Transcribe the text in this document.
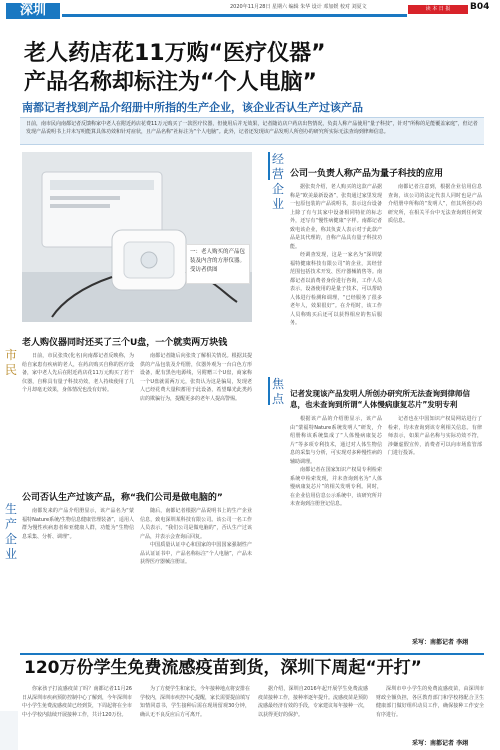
深圳	2020年11月28日 星期六 编辑 朱华 设计 邓加媛 校对 刘夏文	读 本 日 报	B04
老人药店花11万购“医疗仪器”
产品名称却标注为“个人电脑”
南都记者找到产品介绍册中所指的生产企业，该企业否认生产过该产品
日前，南市民向南都记者反馈称家中老人在附近药店花费11万元购买了一款医疗仪器，但使用后并无效果，记者随访店户药店出售情况，负责人称产品使用“量子科技”，针对“所称的足能覆盖家庭”，但记者发现产品说明书上并未写明能算具体功效和针对症状，且产品名称“社标注为“个人电脑”。此外，记者还发现该产品发明人所创办的研究所实际无法查询到律师信息。
一：老人购买的产品包装及内含的方形仪器。受访者供图
经营企业
焦点
市民
生产企业
老人购仪器同时还买了三个U盘，一个就卖两万块钱

日前，市民张贵(化名)向南都记者反映称，为给自家患有疾病的老人，在药店购买自称的医疗设备，家中老人先后在附近药店花11万元购买了若干仪器，自称具有量子科技功效，老人持续使用了几个月却毫无效果，身体情况也没有好转。

南都记者随后向张贵了解相关情况。根据其提供的产品包装及介绍册，仪器外观为一台白色方形设备，配有黑色电源线，另附赠三个U盘，商家称一个U盘就需两万元，张贵认为这是骗局，发现老人已经花费大量积蓄用于此设备，希望曝光此类药店的欺骗行为，提醒更多的老年人提高警惕。

公司否认生产过该产品，称“我们公司是做电脑的”

南都发来的产品介绍册显示，该产品名为“蒙福特Nature系统/生物信息健康管理装备”，适用人群为慢性疾病患者和亚健康人群，功能为“生物信息采集、分析、调理”。

随后，南都记者根据产品说明书上的生产企业信息，致电深圳某科技有限公司。该公司一名工作人员表示，“我们公司是做电脑的”，否认生产过该产品，并表示会查询后回复。

中国质量认证中心和国家的中国国家强制性产品认证证书中，产品名称标注“个人电脑”，产品未获得医疗器械注册证。

公司一负责人称产品为量子科技的应用

据张贵介绍，老人购买的这款产品据称是“欧美最新设备”，张贵通过家里发现一包原包装的产品说明书，表示这台设备上除了有与其家中设备相同特征的标志外，还写有“慢性病健康”字样。南都记者致电该企业，称其负责人表示对于此款产品是其代理的，自称产品具有量子科技功能。

经调查发现，这是一家名为“深圳蒙福特健康科技有限公司”的企业，其经营范围包括技术开发、医疗器械销售等。南都记者以消费者身份进行咨询，工作人员表示，设备使用的是量子技术，可以帮助人体进行检测和调理，“已经服务了很多老年人，效果很好”。在介绍时，该工作人员称购买后还可以获得相应的售后服务。

南都记者注意到，根据企业信用信息查询，该公司的法定代表人同时也是产品介绍册中所称的“发明人”，但其所创办的研究所，在相关平台中无法查询到任何资质信息。

记者发现该产品发明人所创办研究所无法查询到律师信息，也未查询到所谓“人体慢病康复芯片”发明专利

根据该产品的介绍册显示，该产品由“蒙福特Nature系统发明人”研发，介绍册称该系统集成了“人体慢病康复芯片”等多项专利技术，通过对人体生物信息的采集与分析，可实现对多种慢性病的辅助调理。

南都记者在国家知识产权局专利检索系统中检索发现，并未查询到名为“人体慢病康复芯片”的相关发明专利。同时，在企业信用信息公示系统中，该研究所并未查询到注册登记信息。

记者也在中国知识产权局网站进行了检索，均未查询到该专利相关信息。有律师表示，如果产品名称与实际功效不符，涉嫌虚假宣传，消费者可以向市场监管部门进行投诉。

采写：南都记者 李翊
120万份学生免费流感疫苗到货，深圳下周起“开打”

你家孩子打流感疫苗了吗？南都记者11月26日从深圳市疾病预防控制中心了解到，今年深圳市中小学生免费流感疫苗已经到货，下周起将在全市中小学校内陆续开展接种工作，共计120万份。

为了方便学生和家长，今年接种地点将安排在学校内，深圳市疾控中心提醒，家长需要提前填写知情同意书，学生接种后需在现场留观30分钟，确认无不良反应后方可离开。

据介绍，深圳自2016年起开展学生免费流感疫苗接种工作，接种率逐年提升。流感疫苗是预防流感最经济有效的手段，专家建议每年接种一次，以获得更好的保护。

深圳市中小学生的免费流感疫苗，由深圳市财政全额负担，各区教育部门和学校将配合卫生健康部门做好组织动员工作，确保接种工作安全有序进行。

采写：南都记者 李翊
